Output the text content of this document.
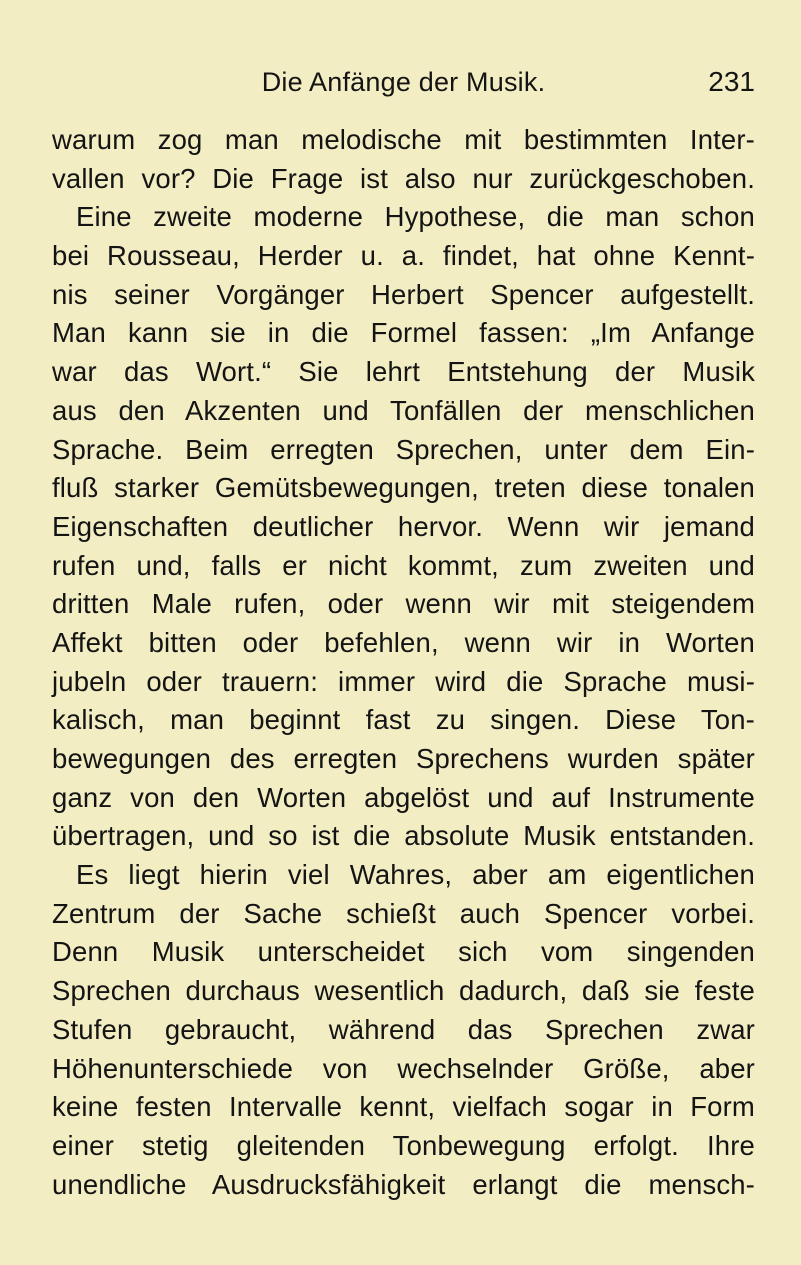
Die Anfänge der Musik.	231
warum zog man melodische mit bestimmten Inter-
vallen vor? Die Frage ist also nur zurückgeschoben.
Eine zweite moderne Hypothese, die man schon
bei Rousseau, Herder u. a. findet, hat ohne Kennt-
nis seiner Vorgänger Herbert Spencer aufgestellt.
Man kann sie in die Formel fassen: „Im Anfange
war das Wort.“ Sie lehrt Entstehung der Musik
aus den Akzenten und Tonfällen der menschlichen
Sprache. Beim erregten Sprechen, unter dem Ein-
fluß starker Gemütsbewegungen, treten diese tonalen
Eigenschaften deutlicher hervor. Wenn wir jemand
rufen und, falls er nicht kommt, zum zweiten und
dritten Male rufen, oder wenn wir mit steigendem
Affekt bitten oder befehlen, wenn wir in Worten
jubeln oder trauern: immer wird die Sprache musi-
kalisch, man beginnt fast zu singen. Diese Ton-
bewegungen des erregten Sprechens wurden später
ganz von den Worten abgelöst und auf Instrumente
übertragen, und so ist die absolute Musik entstanden.
Es liegt hierin viel Wahres, aber am eigentlichen
Zentrum der Sache schießt auch Spencer vorbei.
Denn Musik unterscheidet sich vom singenden
Sprechen durchaus wesentlich dadurch, daß sie feste
Stufen gebraucht, während das Sprechen zwar
Höhenunterschiede von wechselnder Größe, aber
keine festen Intervalle kennt, vielfach sogar in Form
einer stetig gleitenden Tonbewegung erfolgt. Ihre
unendliche Ausdrucksfähigkeit erlangt die mensch-
